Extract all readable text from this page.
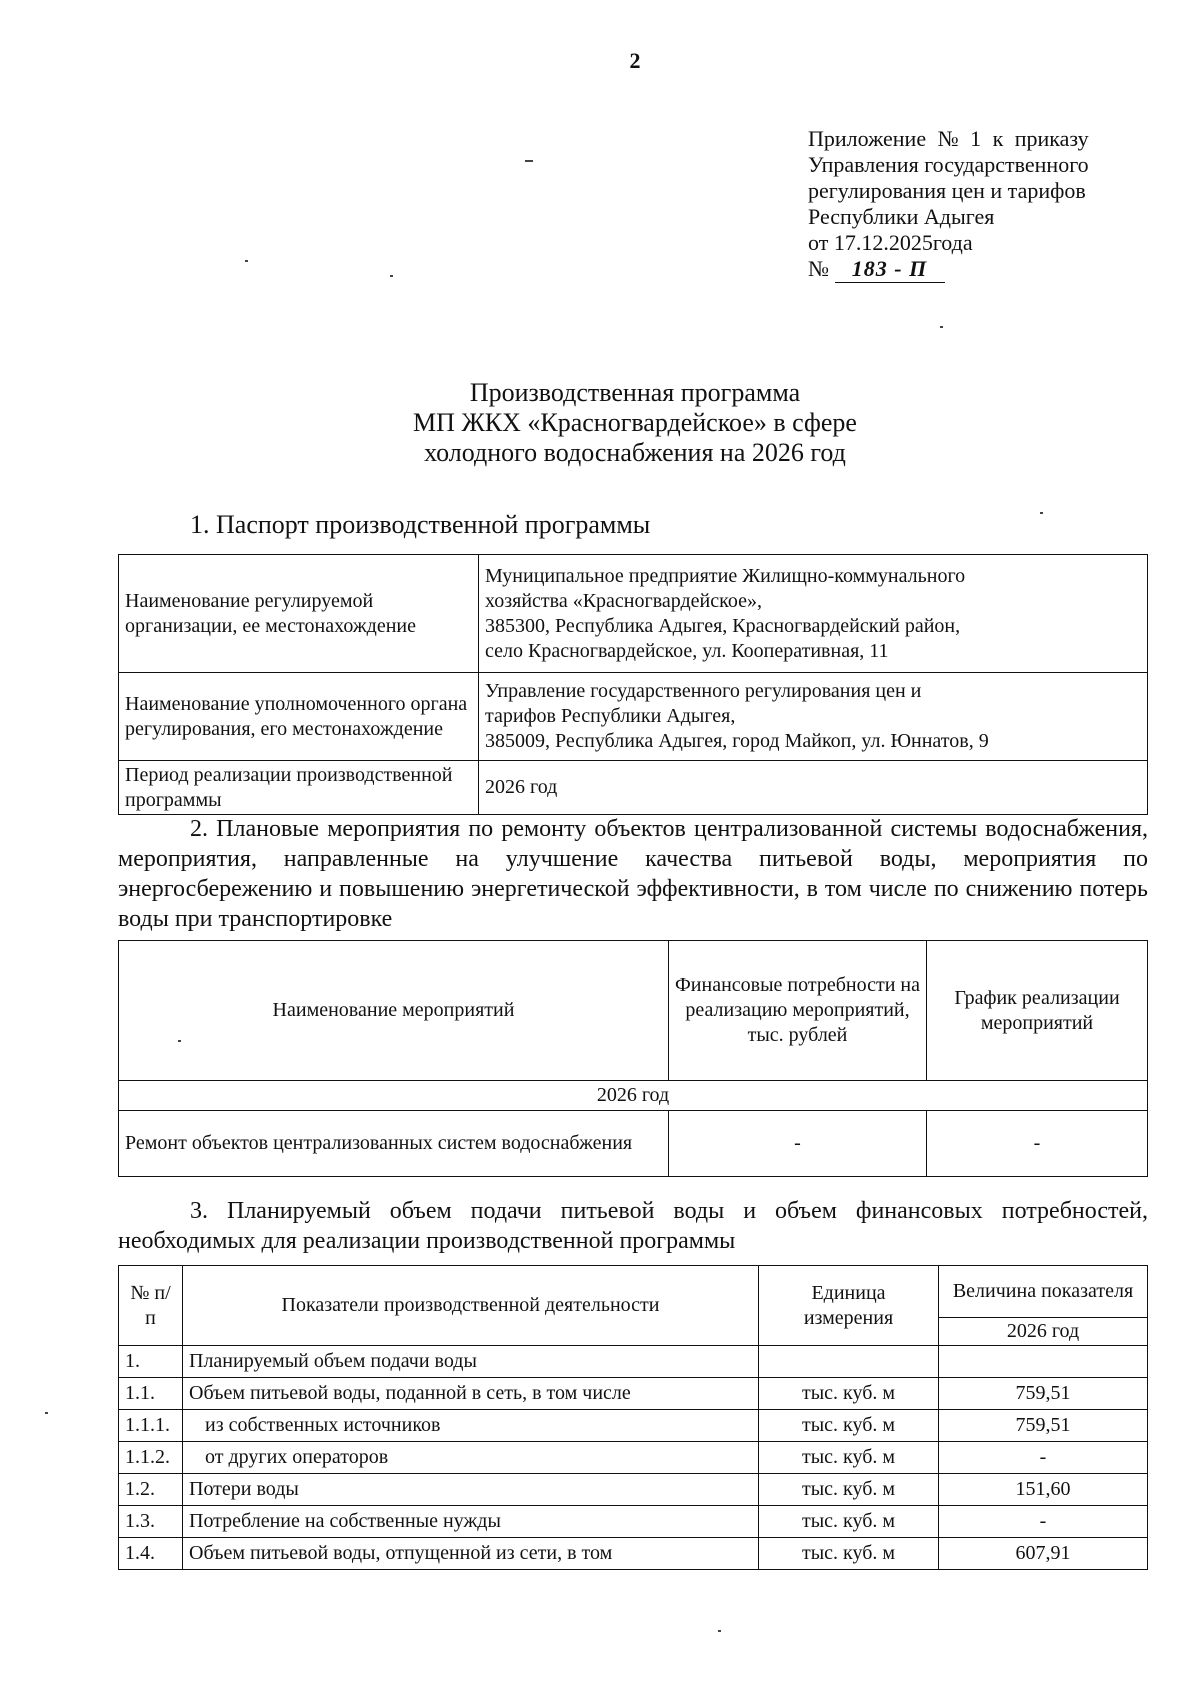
2
Приложение № 1 к приказу
Управления государственного
регулирования цен и тарифов
Республики Адыгея
от 17.12.2025года
№ 183 - П
Производственная программа
МП ЖКХ «Красногвардейское» в сфере
холодного водоснабжения на 2026 год
1. Паспорт производственной программы
Наименование регулируемой организации, ее местонахождение	Муниципальное предприятие Жилищно-коммунального
хозяйства «Красногвардейское»,
385300, Республика Адыгея, Красногвардейский район,
село Красногвардейское, ул. Кооперативная, 11

Наименование уполномоченного органа регулирования, его местонахождение	Управление государственного регулирования цен и
тарифов Республики Адыгея,
385009, Республика Адыгея, город Майкоп, ул. Юннатов, 9

Период реализации производственной программы	2026 год
2. Плановые мероприятия по ремонту объектов централизованной системы водоснабжения, мероприятия, направленные на улучшение качества питьевой воды, мероприятия по энергосбережению и повышению энергетической эффективности, в том числе по снижению потерь воды при транспортировке
Наименование мероприятий	Финансовые потребности на реализацию мероприятий, тыс. рублей	График реализации мероприятий
2026 год		
Ремонт объектов централизованных систем водоснабжения	-	-
3. Планируемый объем подачи питьевой воды и объем финансовых потребностей, необходимых для реализации производственной программы
№ п/п	Показатели производственной деятельности	Единица измерения	Величина показателя
			2026 год
1.	Планируемый объем подачи воды		
1.1.	Объем питьевой воды, поданной в сеть, в том числе	тыс. куб. м	759,51
1.1.1.	из собственных источников	тыс. куб. м	759,51
1.1.2.	от других операторов	тыс. куб. м	-
1.2.	Потери воды	тыс. куб. м	151,60
1.3.	Потребление на собственные нужды	тыс. куб. м	-
1.4.	Объем питьевой воды, отпущенной из сети, в том	тыс. куб. м	607,91
